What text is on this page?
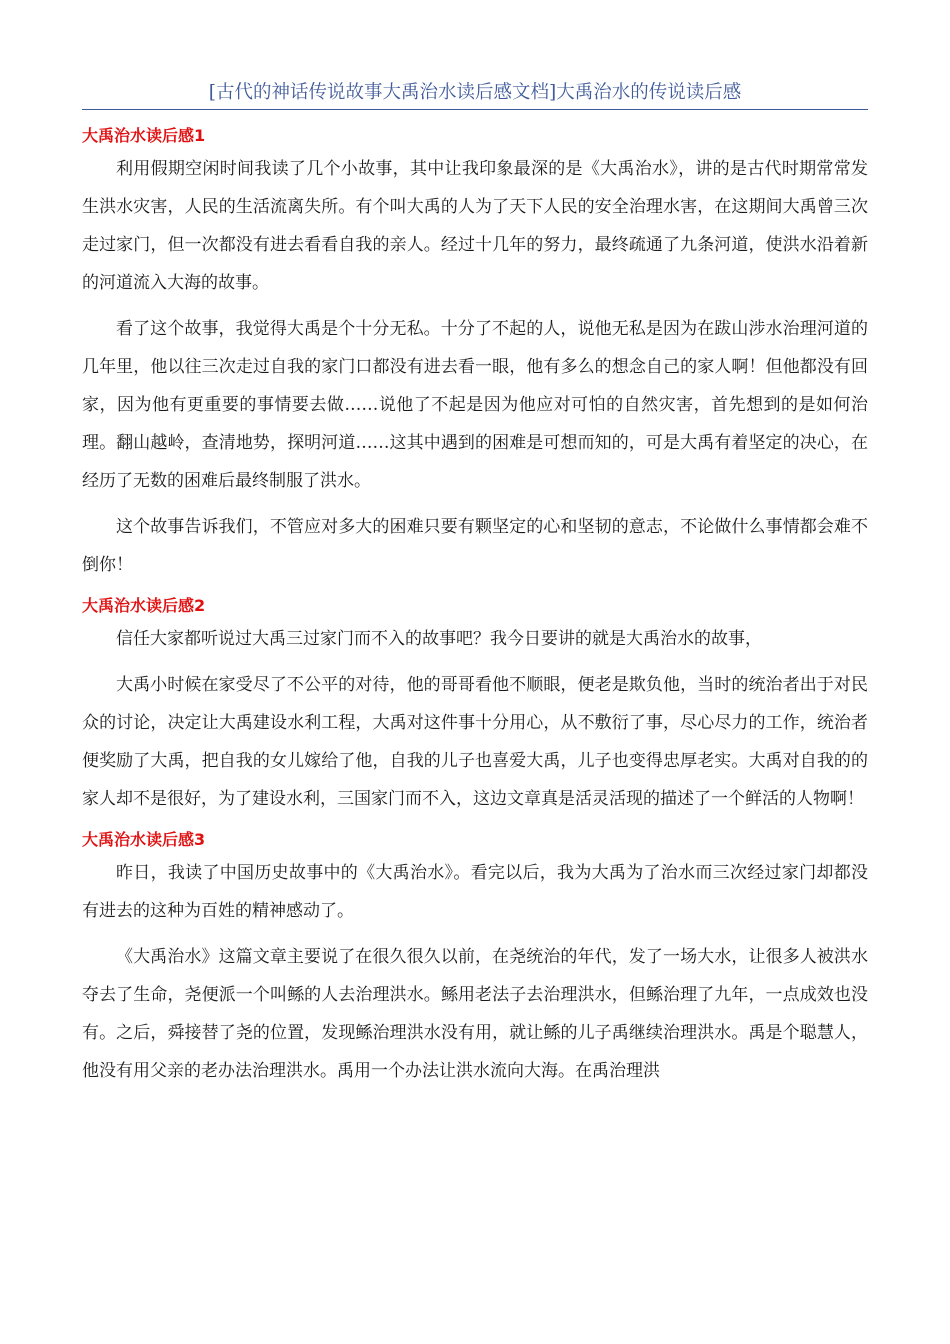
[古代的神话传说故事大禹治水读后感文档]大禹治水的传说读后感
大禹治水读后感1

利用假期空闲时间我读了几个小故事，其中让我印象最深的是《大禹治水》，讲的是古代时期常常发生洪水灾害，人民的生活流离失所。有个叫大禹的人为了天下人民的安全治理水害，在这期间大禹曾三次走过家门，但一次都没有进去看看自我的亲人。经过十几年的努力，最终疏通了九条河道，使洪水沿着新的河道流入大海的故事。

看了这个故事，我觉得大禹是个十分无私。十分了不起的人，说他无私是因为在跋山涉水治理河道的几年里，他以往三次走过自我的家门口都没有进去看一眼，他有多么的想念自己的家人啊！但他都没有回家，因为他有更重要的事情要去做……说他了不起是因为他应对可怕的自然灾害，首先想到的是如何治理。翻山越岭，查清地势，探明河道……这其中遇到的困难是可想而知的，可是大禹有着坚定的决心，在经历了无数的困难后最终制服了洪水。

这个故事告诉我们，不管应对多大的困难只要有颗坚定的心和坚韧的意志，不论做什么事情都会难不倒你！

大禹治水读后感2

信任大家都听说过大禹三过家门而不入的故事吧？我今日要讲的就是大禹治水的故事，

大禹小时候在家受尽了不公平的对待，他的哥哥看他不顺眼，便老是欺负他，当时的统治者出于对民众的讨论，决定让大禹建设水利工程，大禹对这件事十分用心，从不敷衍了事，尽心尽力的工作，统治者便奖励了大禹，把自我的女儿嫁给了他，自我的儿子也喜爱大禹，儿子也变得忠厚老实。大禹对自我的的家人却不是很好，为了建设水利，三国家门而不入，这边文章真是活灵活现的描述了一个鲜活的人物啊！

大禹治水读后感3

昨日，我读了中国历史故事中的《大禹治水》。看完以后，我为大禹为了治水而三次经过家门却都没有进去的这种为百姓的精神感动了。

《大禹治水》这篇文章主要说了在很久很久以前，在尧统治的年代，发了一场大水，让很多人被洪水夺去了生命，尧便派一个叫鲧的人去治理洪水。鲧用老法子去治理洪水，但鲧治理了九年，一点成效也没有。之后，舜接替了尧的位置，发现鲧治理洪水没有用，就让鲧的儿子禹继续治理洪水。禹是个聪慧人，他没有用父亲的老办法治理洪水。禹用一个办法让洪水流向大海。在禹治理洪
